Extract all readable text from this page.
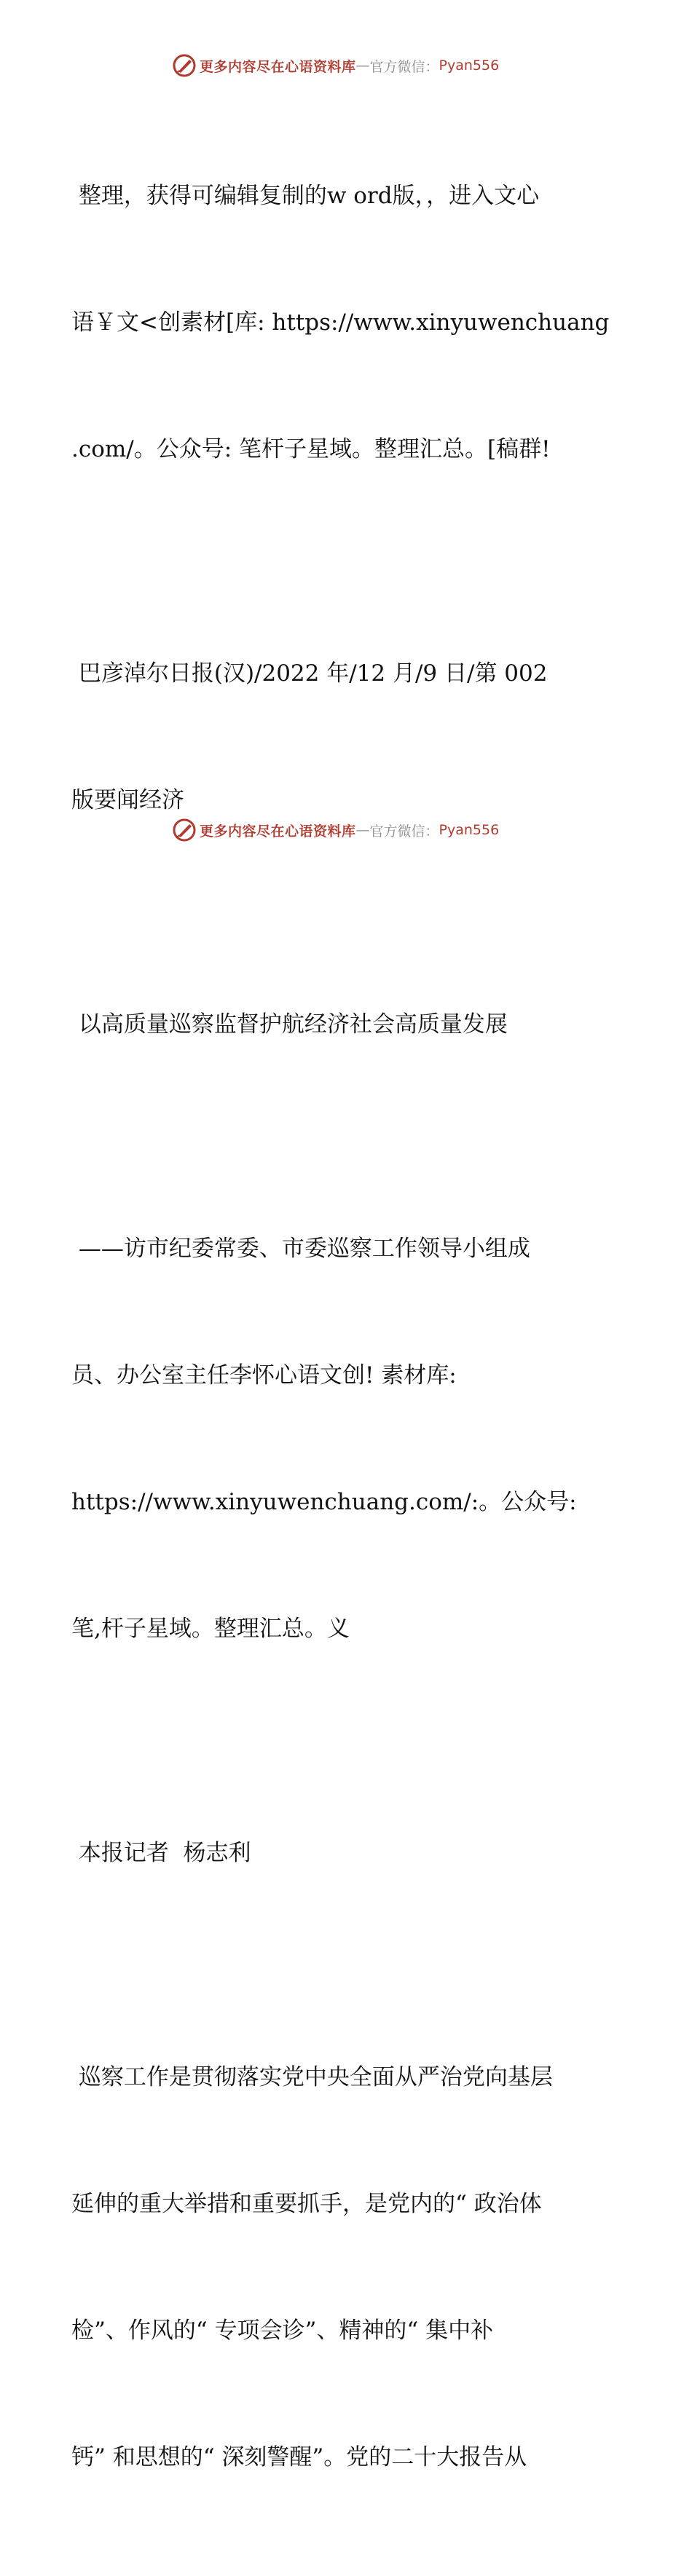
更多内容尽在心语资料库 — 官方微信： Pyan556

整理，获得可编辑复制的w ord版，，进入文心

语￥文<创素材[库: https://www.xinyuwenchuang

.com/。公众号: 笔杆子星域。整理汇总。[稿群!

巴彦淖尔日报(汉)/2022 年/12 月/9 日/第 002

版要闻经济

以高质量巡察监督护航经济社会高质量发展

——访市纪委常委、市委巡察工作领导小组成

员、办公室主任李怀心语文创! 素材库:

https://www.xinyuwenchuang.com/:。公众号:

笔,杆子星域。整理汇总。义

本报记者  杨志利

巡察工作是贯彻落实党中央全面从严治党向基层

延伸的重大举措和重要抓手，是党内的“ 政治体

检”、作风的“ 专项会诊”、精神的“ 集中补

钙” 和思想的“ 深刻警醒”。党的二十大报告从

更多内容尽在心语资料库 — 官方微信： Pyan556
